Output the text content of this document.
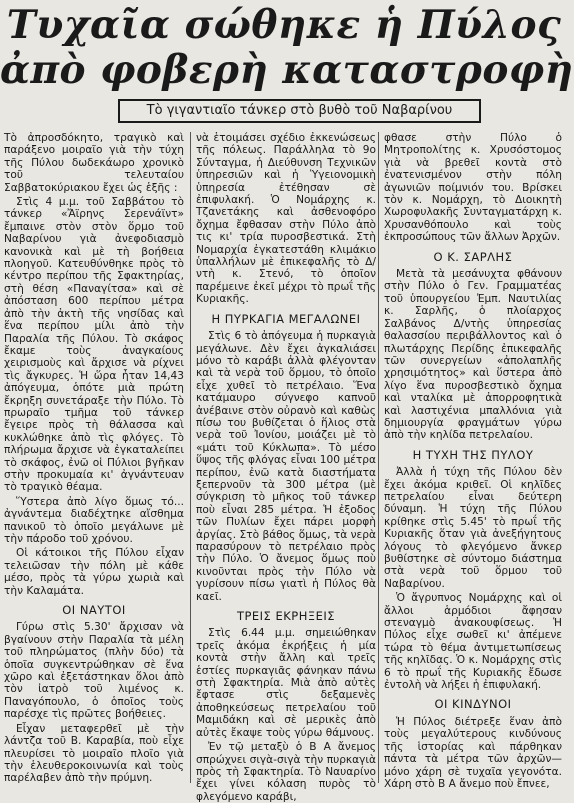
Τυχαῖα σώθηκε ἡ Πύλος
ἀπὸ φοβερὴ καταστροφὴ
Τὸ γιγαντιαῖο τάνκερ στὸ βυθὸ τοῦ Ναβαρίνου

Τὸ ἀπροσδόκητο, τραγικὸ καὶ παράξενο μοιραῖο γιὰ τὴν τύχη τῆς Πύλου δωδεκάωρο χρονικὸ τοῦ τελευταίου Σαββατοκύριακου ἔχει ὡς ἑξῆς :

Στὶς 4 μ.μ. τοῦ Σαββάτου τὸ τάνκερ «Ἄϊρηνς Σερενάϊντ» ἔμπαινε στὸν στὸν ὅρμο τοῦ Ναβαρίνου γιὰ ἀνεφοδιασμὸ κανονικὰ καὶ μὲ τὴ βοήθεια πλοηγοῦ. Κατευθύνθηκε πρὸς τὸ κέντρο περίπου τῆς Σφακτηρίας, στὴ θέση «Παναγίτσα» καὶ σὲ ἀπόσταση 600 περίπου μέτρα ἀπὸ τὴν ἀκτὴ τῆς νησίδας καὶ ἕνα περίπου μίλι ἀπὸ τὴν Παραλία τῆς Πύλου. Τὸ σκάφος ἔκαμε τοὺς ἀναγκαίους χειρισμοὺς καὶ ἄρχισε νὰ ρίχνει τὶς ἄγκυρες. Ἡ ὥρα ἦταν 14,43 ἀπόγευμα, ὁπότε μιὰ πρώτη ἔκρηξη συνετάραξε τὴν Πύλο. Τὸ πρωραῖο τμῆμα τοῦ τάνκερ ἔγειρε πρὸς τὴ θάλασσα καὶ κυκλώθηκε ἀπὸ τὶς φλόγες. Τὸ πλήρωμα ἄρχισε νὰ ἐγκαταλείπει τὸ σκάφος, ἐνῶ οἱ Πύλιοι βγῆκαν στὴν προκυμαία κι' ἀγνάντευαν τὸ τραγικὸ θέαμα.

Ὕστερα ἀπὸ λίγο ὅμως τό... ἀγνάντεμα διαδέχτηκε αἴσθημα πανικοῦ τὸ ὁποῖο μεγάλωνε μὲ τὴν πάροδο τοῦ χρόνου.

Οἱ κάτοικοι τῆς Πύλου εἶχαν τελειῶσαν τὴν πόλη μὲ κάθε μέσο, πρὸς τὰ γύρω χωριὰ καὶ τὴν Καλαμάτα.

ΟΙ ΝΑΥΤΟΙ

Γύρω στὶς 5.30' ἄρχισαν νὰ βγαίνουν στὴν Παραλία τὰ μέλη τοῦ πληρώματος (πλὴν δύο) τὰ ὁποῖα συγκεντρώθηκαν σὲ ἕνα χῶρο καὶ ἐξετάστηκαν ὅλοι ἀπὸ τὸν ἰατρὸ τοῦ λιμένος κ. Παναγόπουλο, ὁ ὁποῖος τοὺς παρέσχε τὶς πρῶτες βοήθειες.

Εἶχαν μεταφερθεῖ μὲ τὴν λάντζα τοῦ Β. Καραβία, ποὺ εἶχε πλευρίσει τὸ μοιραῖο πλοῖο γιὰ τὴν ἑλευθεροκοινωνία καὶ τοὺς παρέλαβεν ἀπὸ τὴν πρύμνη.

νὰ ἑτοιμάσει σχέδιο ἐκκενώσεως τῆς πόλεως. Παράλληλα τὸ 9ο Σύνταγμα, ἡ Διεύθυνση Τεχνικῶν ὑπηρεσιῶν καὶ ἡ Ὑγειονομικὴ ὑπηρεσία ἐτέθησαν σὲ ἐπιφυλακή. Ὁ Νομάρχης κ. Τζανετάκης καὶ ἀσθενοφόρο ὄχημα ἔφθασαν στὴν Πύλο ἀπὸ τις κι' τρία πυροσβεστικά. Στὴ Νομαρχία ἐγκατεστάθη κλιμάκιο ὑπαλλήλων μὲ ἐπικεφαλῆς τὸ Δ/ντὴ κ. Στενό, τὸ ὁποῖον παρέμεινε ἐκεῖ μέχρι τὸ πρωΐ τῆς Κυριακῆς.

Η ΠΥΡΚΑΓΙΑ ΜΕΓΑΛΩΝΕΙ

Στὶς 6 τὸ ἀπόγευμα ἡ πυρκαγιὰ μεγάλωνε. Δὲν ἔχει ἀγκαλιάσει μόνο τὸ καράβι ἀλλὰ φλέγονταν καὶ τὰ νερὰ τοῦ ὅρμου, τὸ ὁποῖο εἶχε χυθεῖ τὸ πετρέλαιο. Ἕνα κατάμαυρο σύγνεφο καπνοῦ ἀνέβαινε στὸν οὐρανὸ καὶ καθὼς πίσω του βυθίζεται ὁ ἥλιος στὰ νερὰ τοῦ Ἰονίου, μοιάζει μὲ τὸ «μάτι τοῦ Κύκλωπα». Τὸ μέσο ὕψος τῆς φλόγας εἶναι 100 μέτρα περίπου, ἐνῶ κατὰ διαστήματα ξεπερνοῦν τὰ 300 μέτρα (μὲ σύγκριση τὸ μῆκος τοῦ τάνκερ ποὺ εἶναι 285 μέτρα. Ἡ ἐξοδος τῶν Πυλίων ἔχει πάρει μορφὴ ἀργίας. Στὸ βάθος ὅμως, τὰ νερὰ παρασύρουν τὸ πετρέλαιο πρὸς τὴν Πύλο. Ὁ ἄνεμος ὅμως ποὺ κινοῦνται πρὸς τὴν Πύλο νὰ γυρίσουν πίσω γιατὶ ἡ Πύλος θὰ καεῖ.

ΤΡΕΙΣ ΕΚΡΗΞΕΙΣ

Στὶς 6.44 μ.μ. σημειώθηκαν τρεῖς ἀκόμα ἐκρήξεις ἡ μία κοντὰ στὴν ἄλλη καὶ τρεῖς ἑστίες πυρκαγιᾶς φάνηκαν πάνω στὴ Σφακτηρία. Μιὰ ἀπὸ αὐτὲς ἔφτασε στὶς δεξαμενὲς ἀποθηκεύσεως πετρελαίου τοῦ Μαμιδάκη καὶ σὲ μερικὲς ἀπὸ αὐτὲς ἔκαψε τοὺς γύρω θάμνους.

Ἐν τῷ μεταξὺ ὁ Β Α ἄνεμος σπρώχνει σιγὰ-σιγὰ τὴν πυρκαγιὰ πρὸς τὴ Σφακτηρία. Τὸ Ναυαρίνο ἔχει γίνει κόλαση πυρὸς τὸ φλεγόμενο καράβι,

φθασε στὴν Πύλο ὁ Μητροπολίτης κ. Χρυσόστομος γιὰ νὰ βρεθεῖ κοντὰ στὸ ἐνατενισμένον στὴν πόλη ἀγωνιῶν ποίμνιόν του. Βρίσκει τὸν κ. Νομάρχη, τὸ Διοικητὴ Χωροφυλακῆς Συνταγματάρχη κ. Χρυσανθόπουλο καὶ τοὺς ἐκπροσώπους τῶν ἄλλων Ἀρχῶν.

Ο Κ. ΣΑΡΛΗΣ

Μετὰ τὰ μεσάνυχτα φθάνουν στὴν Πύλο ὁ Γεν. Γραμματέας τοῦ ὑπουργείου Ἐμπ. Ναυτιλίας κ. Σαρλῆς, ὁ πλοίαρχος Σαλβάνος Δ/ντὴς ὑπηρεσίας θαλασσίου περιβάλλοντος καὶ ὁ πλωτάρχης Περίδης ἐπικεφαλῆς τῶν συνεργείων «ἀπολαπλῆς χρησιμότητος» καὶ ὕστερα ἀπὸ λίγο ἕνα πυροσβεστικὸ ὄχημα καὶ νταλίκα μὲ ἀπορροφητικὰ καὶ λαστιχένια μπαλλόνια γιὰ δημιουργία φραγμάτων γύρω ἀπὸ τὴν κηλίδα πετρελαίου.

Η ΤΥΧΗ ΤΗΣ ΠΥΛΟΥ

Ἀλλὰ ἡ τύχη τῆς Πύλου δὲν ἔχει ἀκόμα κριθεῖ. Οἱ κηλῖδες πετρελαίου εἶναι δεύτερη δύναμη. Ἡ τύχη τῆς Πύλου κρίθηκε στὶς 5.45' τὸ πρωΐ τῆς Κυριακῆς ὅταν γιὰ ἀνεξήγητους λόγους τὸ φλεγόμενο ἄνκερ βυθίστηκε σὲ σύντομο διάστημα στὰ νερὰ τοῦ ὅρμου τοῦ Ναβαρίνου.

Ὁ ἄγρυπνος Νομάρχης καὶ οἱ ἄλλοι ἁρμόδιοι ἄφησαν στεναγμὸ ἀνακουφίσεως. Ἡ Πύλος εἶχε σωθεῖ κι' ἀπέμενε τώρα τὸ θέμα ἀντιμετωπίσεως τῆς κηλῖδας. Ὁ κ. Νομάρχης στὶς 6 τὸ πρωΐ τῆς Κυριακῆς ἔδωσε ἐντολὴ νὰ λήξει ἡ ἐπιφυλακή.

ΟΙ ΚΙΝΔΥΝΟΙ

Ἡ Πύλος διέτρεξε ἕναν ἀπὸ τοὺς μεγαλύτερους κινδύνους τῆς ἱστορίας καὶ πάρθηκαν πάντα τὰ μέτρα τῶν ἀρχῶν—μόνο χάρη σὲ τυχαῖα γεγονότα. Χάρη στὸ Β Α ἄνεμο ποὺ ἔπνεε,
